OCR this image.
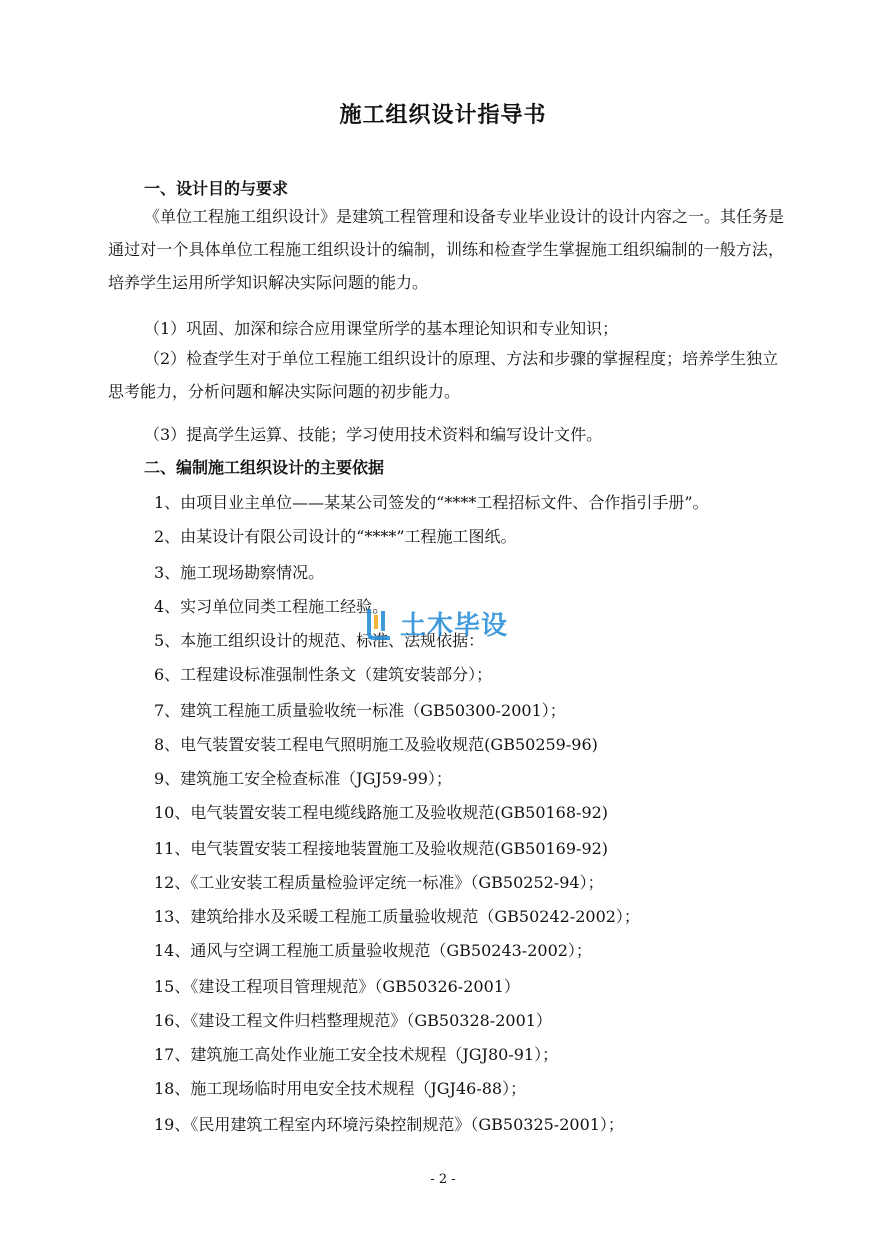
施工组织设计指导书
一、设计目的与要求
《单位工程施工组织设计》是建筑工程管理和设备专业毕业设计的设计内容之一。其任务是通过对一个具体单位工程施工组织设计的编制，训练和检查学生掌握施工组织编制的一般方法，培养学生运用所学知识解决实际问题的能力。
（1）巩固、加深和综合应用课堂所学的基本理论知识和专业知识；
（2）检查学生对于单位工程施工组织设计的原理、方法和步骤的掌握程度；培养学生独立思考能力，分析问题和解决实际问题的初步能力。
（3）提高学生运算、技能；学习使用技术资料和编写设计文件。
二、编制施工组织设计的主要依据
1、由项目业主单位——某某公司签发的“****工程招标文件、合作指引手册”。
2、由某设计有限公司设计的“****”工程施工图纸。
3、施工现场勘察情况。
4、实习单位同类工程施工经验。
5、本施工组织设计的规范、标准、法规依据：
6、工程建设标准强制性条文（建筑安装部分）；
7、建筑工程施工质量验收统一标准（GB50300-2001）；
8、电气装置安装工程电气照明施工及验收规范(GB50259-96)
9、建筑施工安全检查标准（JGJ59-99）；
10、电气装置安装工程电缆线路施工及验收规范(GB50168-92)
11、电气装置安装工程接地装置施工及验收规范(GB50169-92)
12、《工业安装工程质量检验评定统一标准》（GB50252-94）；
13、建筑给排水及采暖工程施工质量验收规范（GB50242-2002）；
14、通风与空调工程施工质量验收规范（GB50243-2002）；
15、《建设工程项目管理规范》（GB50326-2001）
16、《建设工程文件归档整理规范》（GB50328-2001）
17、建筑施工高处作业施工安全技术规程（JGJ80-91）；
18、施工现场临时用电安全技术规程（JGJ46-88）；
19、《民用建筑工程室内环境污染控制规范》（GB50325-2001）；
土木毕设
- 2 -
